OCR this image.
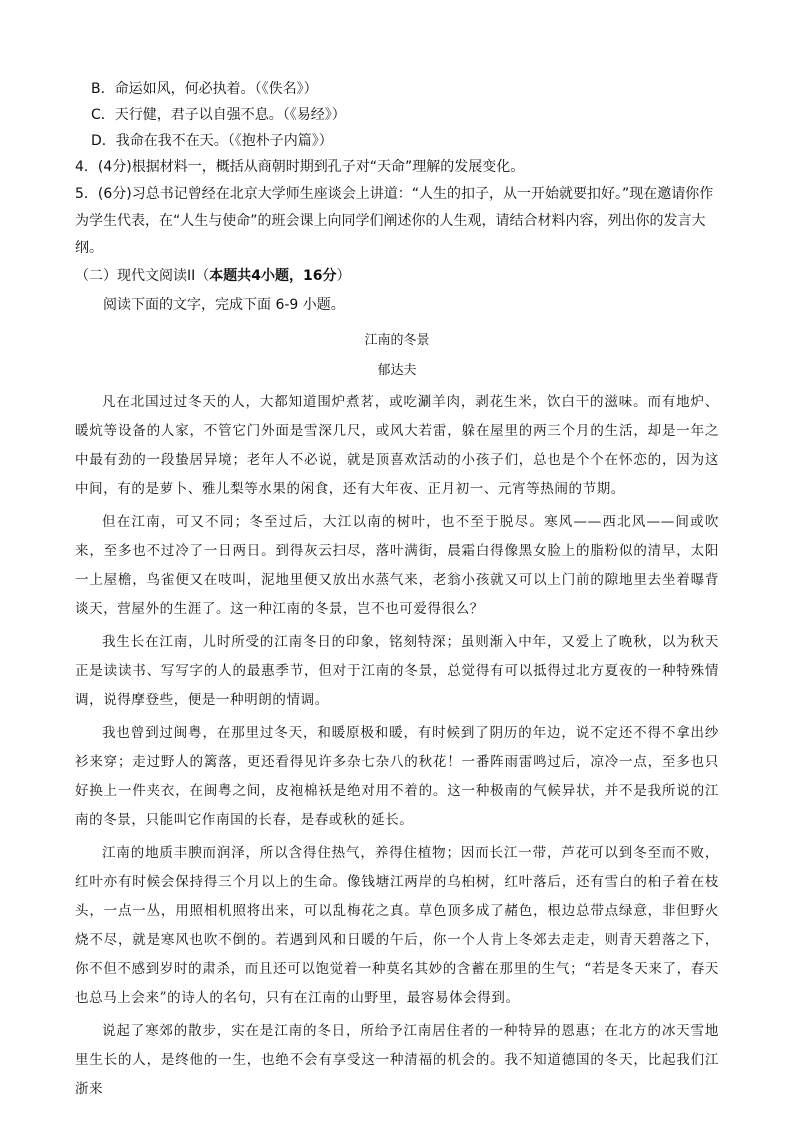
B．命运如风，何必执着。（《佚名》）

C．天行健，君子以自强不息。（《易经》）

D．我命在我不在天。（《抱朴子内篇》）

4．(4分)根据材料一，概括从商朝时期到孔子对“天命”理解的发展变化。

5．(6分)习总书记曾经在北京大学师生座谈会上讲道：“人生的扣子，从一开始就要扣好。”现在邀请你作为学生代表，在“人生与使命”的班会课上向同学们阐述你的人生观，请结合材料内容，列出你的发言大纲。

（二）现代文阅读II（本题共4小题，16分）

阅读下面的文字，完成下面 6-9 小题。

江南的冬景

郁达夫

凡在北国过过冬天的人，大都知道围炉煮茗，或吃涮羊肉，剥花生米，饮白干的滋味。而有地炉、暖炕等设备的人家，不管它门外面是雪深几尺，或风大若雷，躲在屋里的两三个月的生活，却是一年之中最有劲的一段蛰居异境；老年人不必说，就是顶喜欢活动的小孩子们，总也是个个在怀恋的，因为这中间，有的是萝卜、雅儿梨等水果的闲食，还有大年夜、正月初一、元宵等热闹的节期。

但在江南，可又不同；冬至过后，大江以南的树叶，也不至于脱尽。寒风——西北风——间或吹来，至多也不过冷了一日两日。到得灰云扫尽，落叶满街，晨霜白得像黑女脸上的脂粉似的清早，太阳一上屋檐，鸟雀便又在吱叫，泥地里便又放出水蒸气来，老翁小孩就又可以上门前的隙地里去坐着曝背谈天，营屋外的生涯了。这一种江南的冬景，岂不也可爱得很么？

我生长在江南，儿时所受的江南冬日的印象，铭刻特深；虽则渐入中年，又爱上了晚秋，以为秋天正是读读书、写写字的人的最惠季节，但对于江南的冬景，总觉得有可以抵得过北方夏夜的一种特殊情调，说得摩登些，便是一种明朗的情调。

我也曾到过闽粤，在那里过冬天，和暖原极和暖，有时候到了阴历的年边，说不定还不得不拿出纱衫来穿；走过野人的篱落，更还看得见许多杂七杂八的秋花！一番阵雨雷鸣过后，凉冷一点，至多也只好换上一件夹衣，在闽粤之间，皮袍棉袄是绝对用不着的。这一种极南的气候异状，并不是我所说的江南的冬景，只能叫它作南国的长春，是春或秋的延长。

江南的地质丰腴而润泽，所以含得住热气，养得住植物；因而长江一带，芦花可以到冬至而不败，红叶亦有时候会保持得三个月以上的生命。像钱塘江两岸的乌桕树，红叶落后，还有雪白的桕子着在枝头，一点一丛，用照相机照将出来，可以乱梅花之真。草色顶多成了赭色，根边总带点绿意，非但野火烧不尽，就是寒风也吹不倒的。若遇到风和日暖的午后，你一个人肯上冬郊去走走，则青天碧落之下，你不但不感到岁时的肃杀，而且还可以饱觉着一种莫名其妙的含蓄在那里的生气；“若是冬天来了，春天也总马上会来”的诗人的名句，只有在江南的山野里，最容易体会得到。

说起了寒郊的散步，实在是江南的冬日，所给予江南居住者的一种特异的恩惠；在北方的冰天雪地里生长的人，是终他的一生，也绝不会有享受这一种清福的机会的。我不知道德国的冬天，比起我们江浙来
